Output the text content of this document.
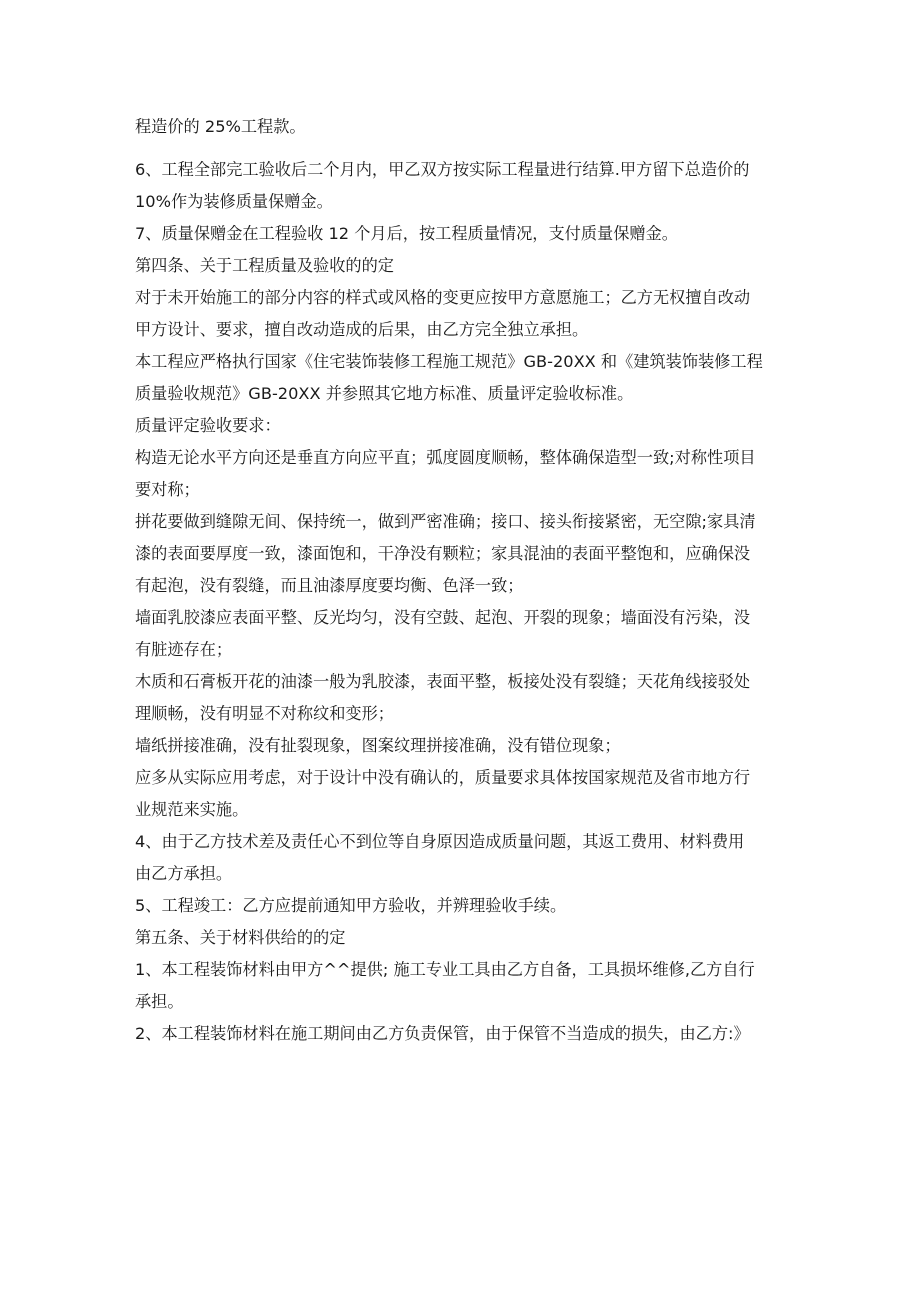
程造价的 25%工程款。

6、工程全部完工验收后二个月内，甲乙双方按实际工程量进行结算.甲方留下总造价的
10%作为装修质量保赠金。

7、质量保赠金在工程验收 12 个月后，按工程质量情况，支付质量保赠金。

第四条、关于工程质量及验收的的定

对于未开始施工的部分内容的样式或风格的变更应按甲方意愿施工；乙方无权擅自改动
甲方设计、要求，擅自改动造成的后果，由乙方完全独立承担。

本工程应严格执行国家《住宅装饰装修工程施工规范》GB-20XX 和《建筑装饰装修工程
质量验收规范》GB-20XX 并参照其它地方标准、质量评定验收标准。

质量评定验收要求：

构造无论水平方向还是垂直方向应平直；弧度圆度顺畅，整体确保造型一致;对称性项目
要对称；

拼花要做到缝隙无间、保持统一，做到严密准确；接口、接头衔接紧密，无空隙;家具清
漆的表面要厚度一致，漆面饱和，干净没有颗粒；家具混油的表面平整饱和，应确保没
有起泡，没有裂缝，而且油漆厚度要均衡、色泽一致；

墙面乳胶漆应表面平整、反光均匀，没有空鼓、起泡、开裂的现象；墙面没有污染，没
有脏迹存在；

木质和石膏板开花的油漆一般为乳胶漆，表面平整，板接处没有裂缝；天花角线接驳处
理顺畅，没有明显不对称纹和变形；

墙纸拼接准确，没有扯裂现象，图案纹理拼接准确，没有错位现象；

应多从实际应用考虑，对于设计中没有确认的，质量要求具体按国家规范及省市地方行
业规范来实施。

4、由于乙方技术差及责任心不到位等自身原因造成质量问题，其返工费用、材料费用
由乙方承担。

5、工程竣工：乙方应提前通知甲方验收，并辨理验收手续。

第五条、关于材料供给的的定

1、本工程装饰材料由甲方^^提供; 施工专业工具由乙方自备，工具损坏维修,乙方自行
承担。

2、本工程装饰材料在施工期间由乙方负责保管，由于保管不当造成的损失，由乙方:》
